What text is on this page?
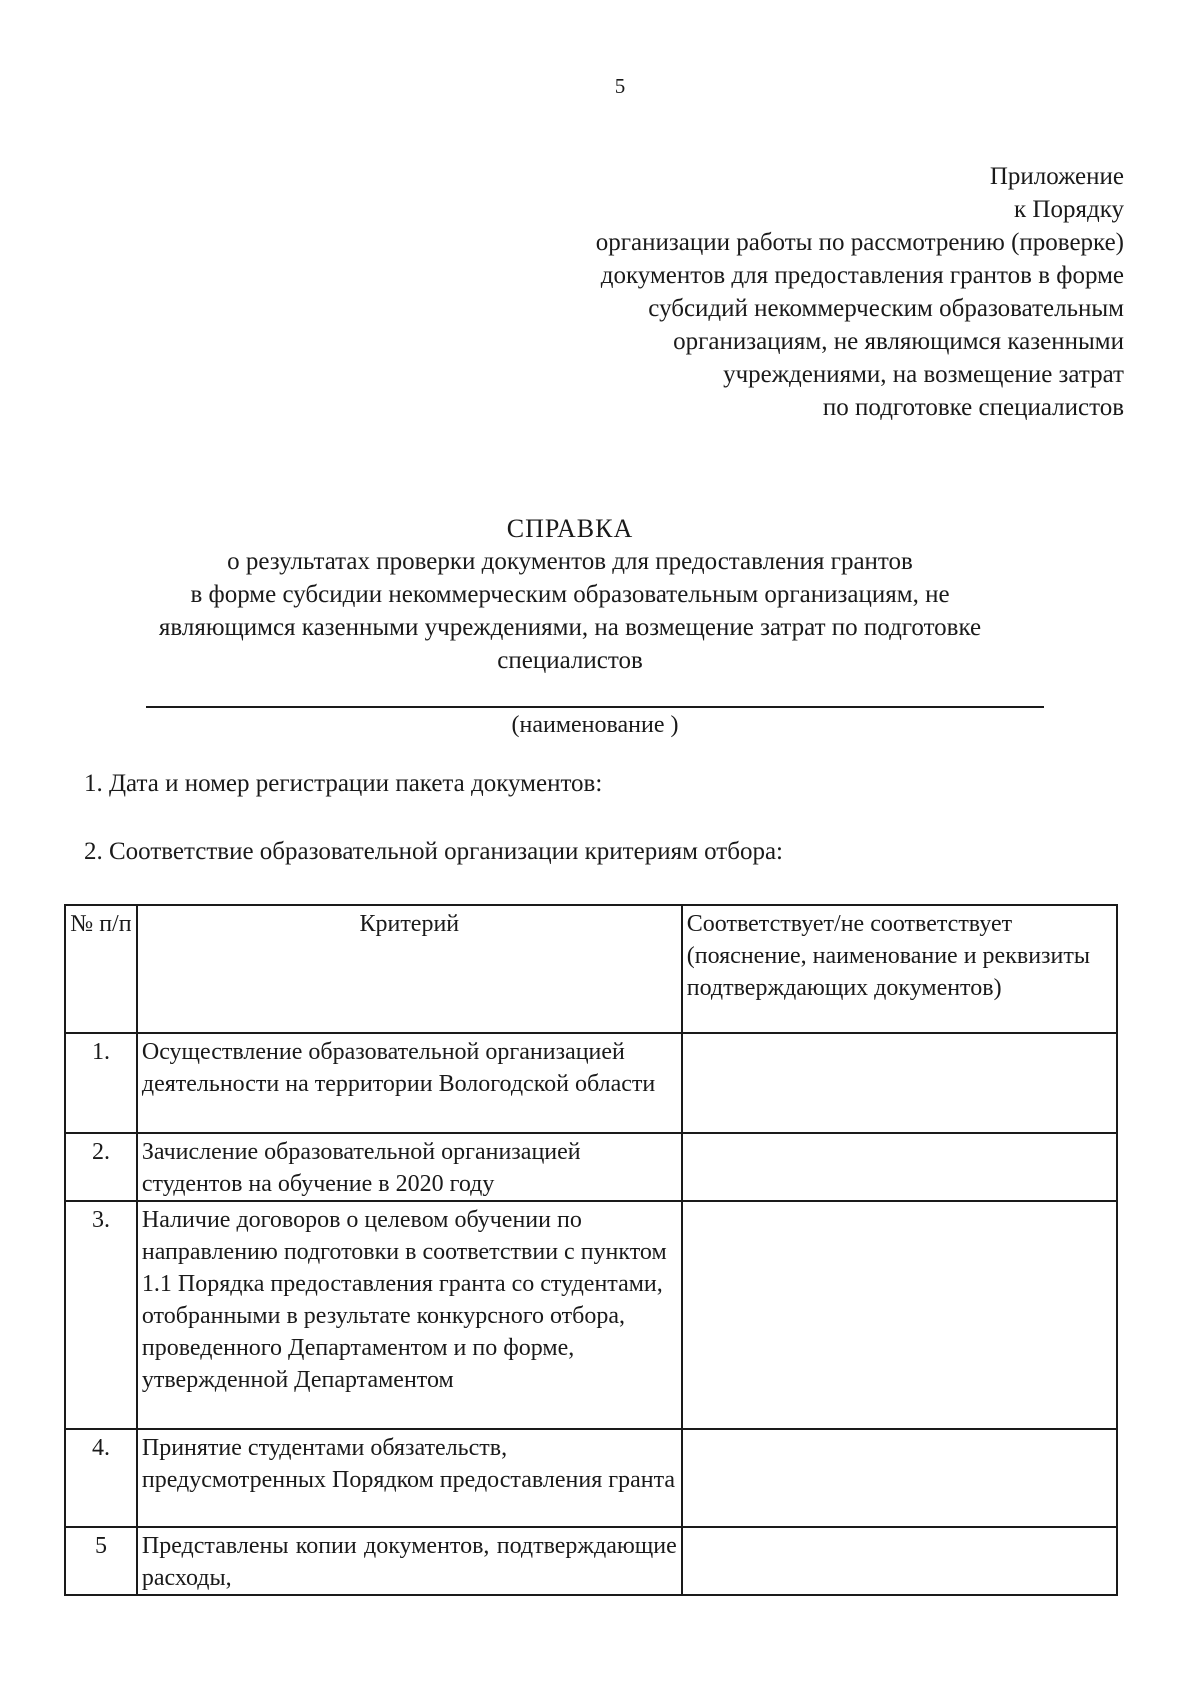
5
Приложение
к Порядку
организации работы по рассмотрению (проверке)
документов для предоставления грантов в форме
субсидий некоммерческим образовательным
организациям, не являющимся казенными
учреждениями, на возмещение затрат
по подготовке специалистов
СПРАВКА
о результатах проверки документов для предоставления грантов
в форме субсидии некоммерческим образовательным организациям, не
являющимся казенными учреждениями, на возмещение затрат по подготовке
специалистов
(наименование )
1. Дата и номер регистрации пакета документов:
2. Соответствие образовательной организации критериям отбора:
№ п/п	Критерий	Соответствует/не соответствует (пояснение, наименование и реквизиты подтверждающих документов)
1.	Осуществление образовательной организацией деятельности на территории Вологодской области	
2.	Зачисление образовательной организацией студентов на обучение в 2020 году	
3.	Наличие договоров о целевом обучении по направлению подготовки в соответствии с пунктом 1.1 Порядка предоставления гранта со студентами, отобранными в результате конкурсного отбора, проведенного Департаментом и по форме, утвержденной Департаментом	
4.	Принятие студентами обязательств, предусмотренных Порядком предоставления гранта	
5	Представлены копии документов, подтверждающие расходы,	
